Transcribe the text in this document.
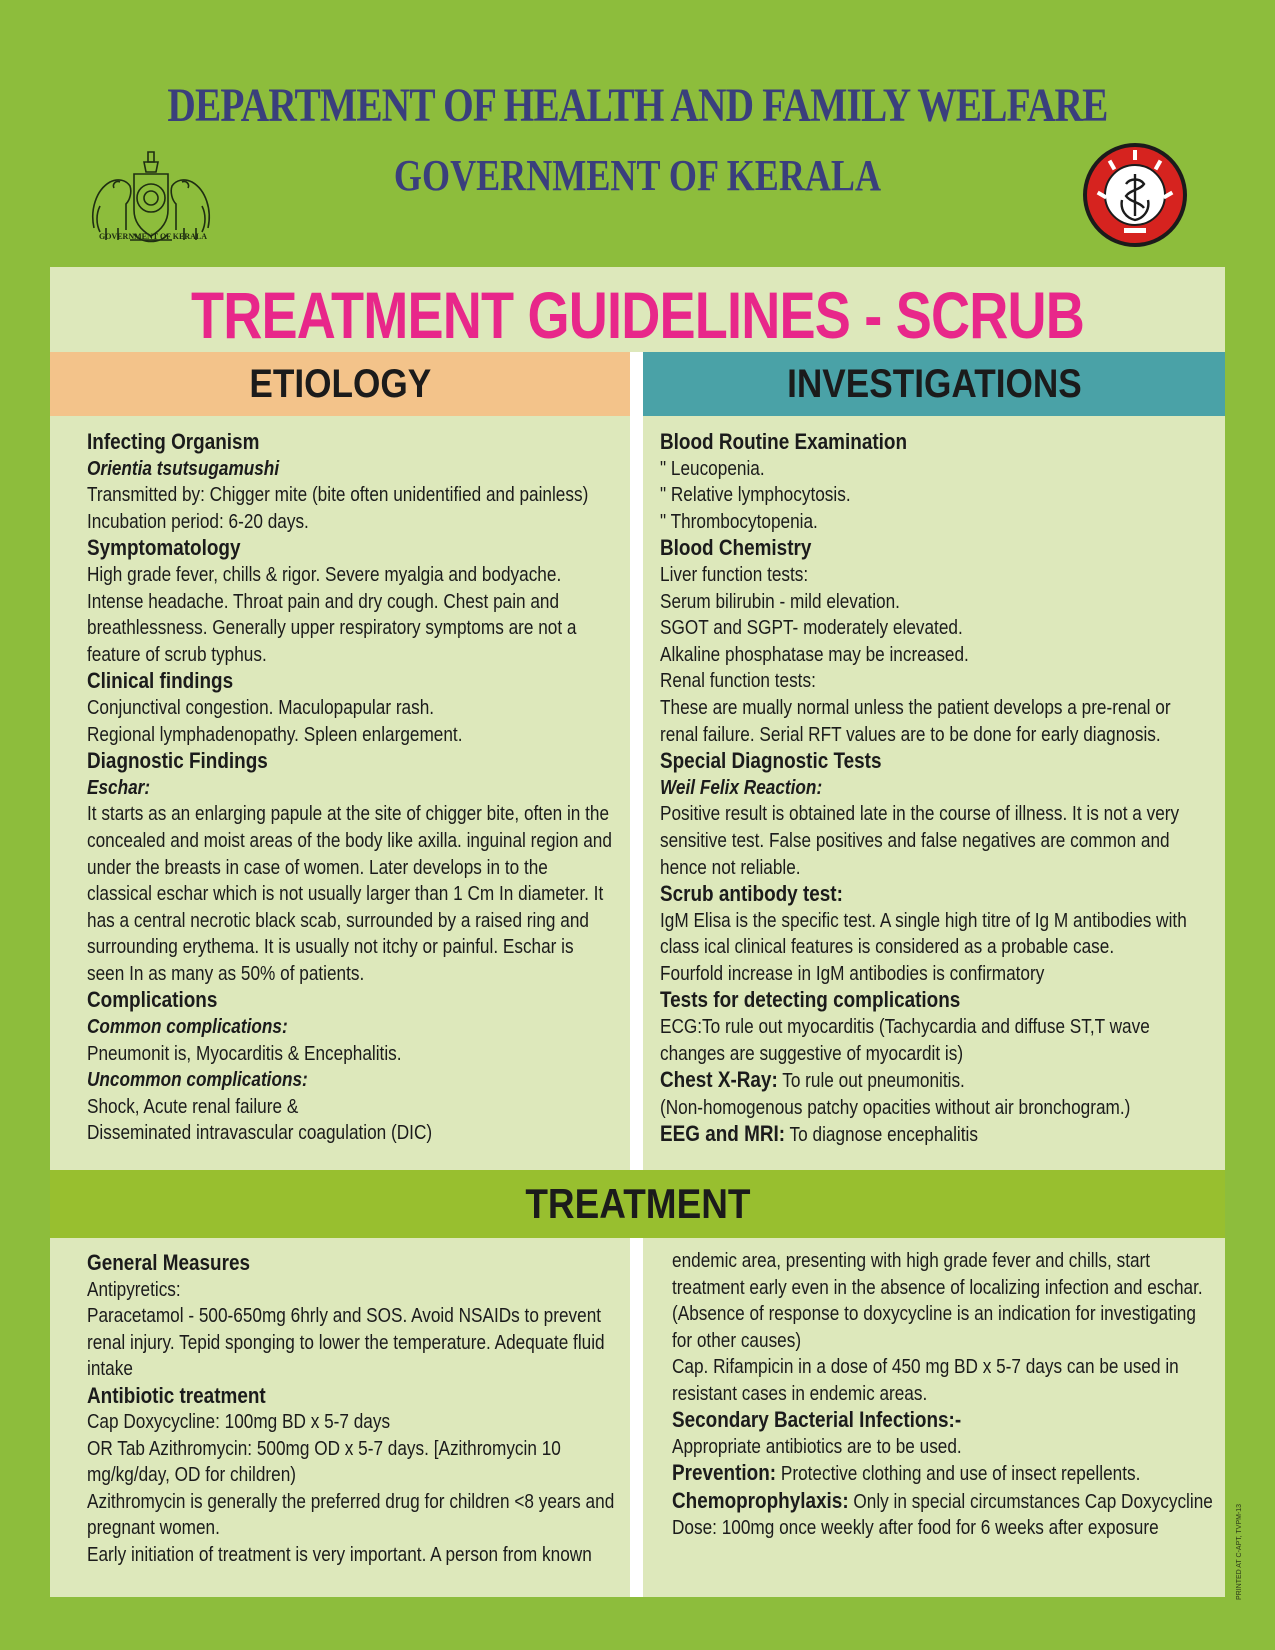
GOVERNMENT OF KERALA
DEPARTMENT OF HEALTH AND FAMILY WELFARE
GOVERNMENT OF KERALA
TREATMENT GUIDELINES - SCRUB
ETIOLOGY	INVESTIGATIONS

Infecting Organism

Orientia tsutsugamushi

Transmitted by: Chigger mite (bite often unidentified and painless)

Incubation period: 6-20 days.

Symptomatology

High grade fever, chills & rigor. Severe myalgia and bodyache.

Intense headache. Throat pain and dry cough. Chest pain and

breathlessness. Generally upper respiratory symptoms are not a

feature of scrub typhus.

Clinical findings

Conjunctival congestion. Maculopapular rash.

Regional lymphadenopathy. Spleen enlargement.

Diagnostic Findings

Eschar:

It starts as an enlarging papule at the site of chigger bite, often in the

concealed and moist areas of the body like axilla. inguinal region and

under the breasts in case of women. Later develops in to the

classical eschar which is not usually larger than 1 Cm In diameter. It

has a central necrotic black scab, surrounded by a raised ring and

surrounding erythema. It is usually not itchy or painful. Eschar is

seen In as many as 50% of patients.

Complications

Common complications:

Pneumonit is, Myocarditis & Encephalitis.

Uncommon complications:

Shock, Acute renal failure &

Disseminated intravascular coagulation (DIC)

Blood Routine Examination

" Leucopenia.

" Relative lymphocytosis.

" Thrombocytopenia.

Blood Chemistry

Liver function tests:

Serum bilirubin - mild elevation.

SGOT and SGPT- moderately elevated.

Alkaline phosphatase may be increased.

Renal function tests:

These are mually normal unless the patient develops a pre-renal or

renal failure. Serial RFT values are to be done for early diagnosis.

Special Diagnostic Tests

Weil Felix Reaction:

Positive result is obtained late in the course of illness. It is not a very

sensitive test. False positives and false negatives are common and

hence not reliable.

Scrub antibody test:

IgM Elisa is the specific test. A single high titre of Ig M antibodies with

class ical clinical features is considered as a probable case.

Fourfold increase in IgM antibodies is confirmatory

Tests for detecting complications

ECG:To rule out myocarditis (Tachycardia and diffuse ST,T wave

changes are suggestive of myocardit is)

Chest X-Ray: To rule out pneumonitis.

(Non-homogenous patchy opacities without air bronchogram.)

EEG and MRI: To diagnose encephalitis

TREATMENT

General Measures

Antipyretics:

Paracetamol - 500-650mg 6hrly and SOS. Avoid NSAIDs to prevent

renal injury. Tepid sponging to lower the temperature. Adequate fluid

intake

Antibiotic treatment

Cap Doxycycline: 100mg BD x 5-7 days

OR Tab Azithromycin: 500mg OD x 5-7 days. [Azithromycin 10

mg/kg/day, OD for children)

Azithromycin is generally the preferred drug for children <8 years and

pregnant women.

Early initiation of treatment is very important. A person from known

endemic area, presenting with high grade fever and chills, start

treatment early even in the absence of localizing infection and eschar.

(Absence of response to doxycycline is an indication for investigating

for other causes)

Cap. Rifampicin in a dose of 450 mg BD x 5-7 days can be used in

resistant cases in endemic areas.

Secondary Bacterial Infections:-

Appropriate antibiotics are to be used.

Prevention: Protective clothing and use of insect repellents.

Chemoprophylaxis: Only in special circumstances Cap Doxycycline

Dose: 100mg once weekly after food for 6 weeks after exposure	PRINTED AT C-APT, TVPM-13
